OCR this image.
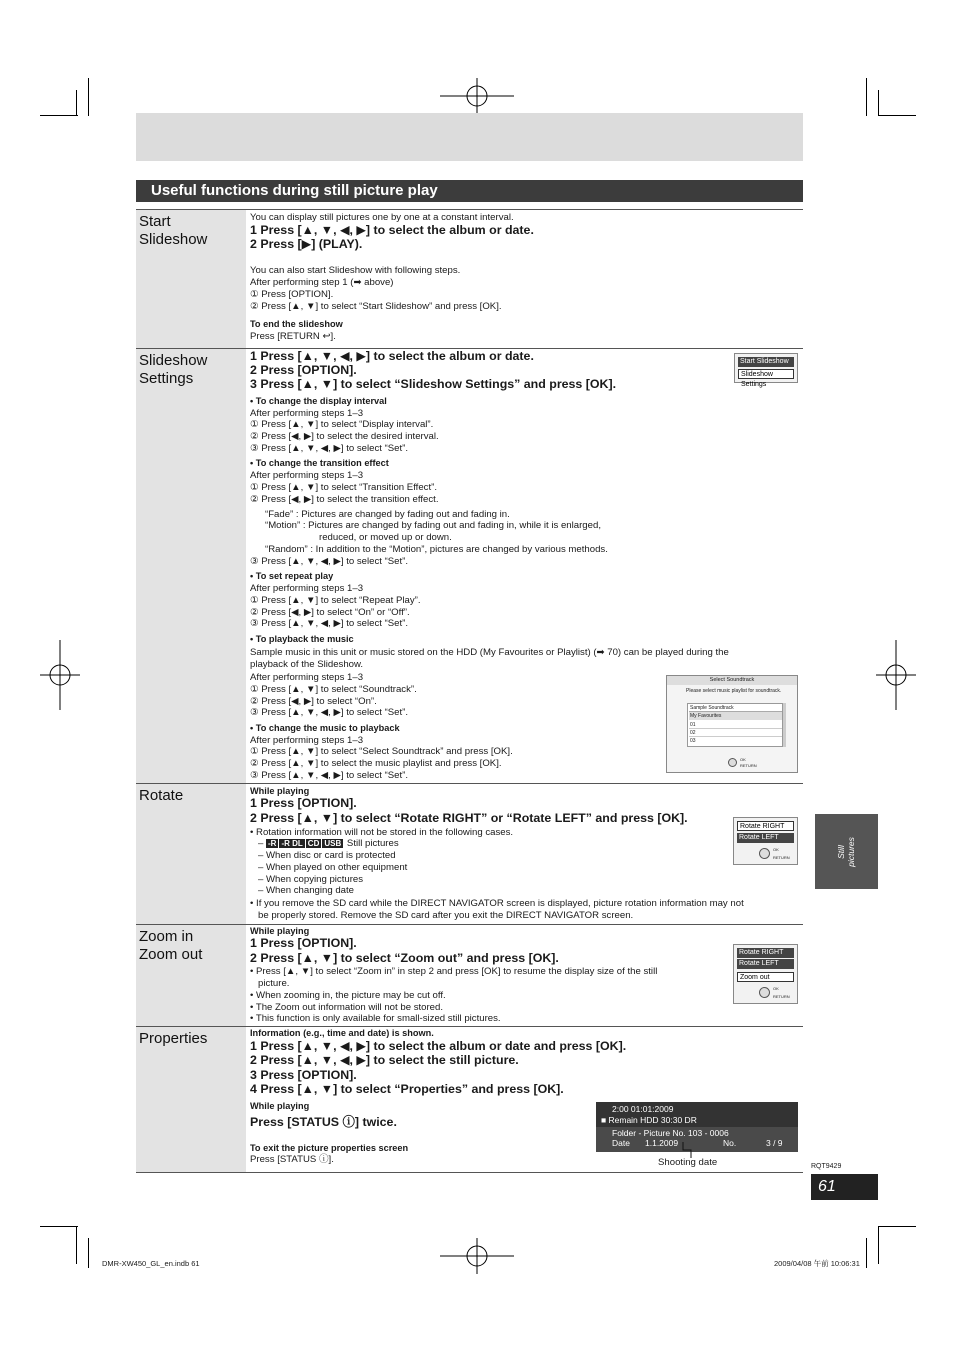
Useful functions during still picture play
Start
Slideshow
You can display still pictures one by one at a constant interval.
1 Press [▲, ▼, ◀, ▶] to select the album or date.
2 Press [▶] (PLAY).
You can also start Slideshow with following steps.
After performing step 1 (➡ above)
① Press [OPTION].
② Press [▲, ▼] to select “Start Slideshow” and press [OK].
To end the slideshow
Press [RETURN ↩].
Slideshow
Settings
1 Press [▲, ▼, ◀, ▶] to select the album or date.
2 Press [OPTION].
3 Press [▲, ▼] to select “Slideshow Settings” and press [OK].
• To change the display interval
After performing steps 1–3
① Press [▲, ▼] to select “Display interval”.
② Press [◀, ▶] to select the desired interval.
③ Press [▲, ▼, ◀, ▶] to select “Set”.
• To change the transition effect
After performing steps 1–3
① Press [▲, ▼] to select “Transition Effect”.
② Press [◀, ▶] to select the transition effect.
“Fade” : Pictures are changed by fading out and fading in.
“Motion” : Pictures are changed by fading out and fading in, while it is enlarged,
reduced, or moved up or down.
“Random” : In addition to the “Motion”, pictures are changed by various methods.
③ Press [▲, ▼, ◀, ▶] to select “Set”.
• To set repeat play
After performing steps 1–3
① Press [▲, ▼] to select “Repeat Play”.
② Press [◀, ▶] to select “On” or “Off”.
③ Press [▲, ▼, ◀, ▶] to select “Set”.
• To playback the music
Sample music in this unit or music stored on the HDD (My Favourites or Playlist) (➡ 70) can be played during the
playback of the Slideshow.
After performing steps 1–3
① Press [▲, ▼] to select “Soundtrack”.
② Press [◀, ▶] to select “On”.
③ Press [▲, ▼, ◀, ▶] to select “Set”.
• To change the music to playback
After performing steps 1–3
① Press [▲, ▼] to select “Select Soundtrack” and press [OK].
② Press [▲, ▼] to select the music playlist and press [OK].
③ Press [▲, ▼, ◀, ▶] to select “Set”.
Start Slideshow
Slideshow Settings
Select Soundtrack
Please select music playlist for soundtrack.
Sample Soundtrack
My Favourites
01
02
03
OK
RETURN
Rotate	While playing
1 Press [OPTION].
2 Press [▲, ▼] to select “Rotate RIGHT” or “Rotate LEFT” and press [OK].
• Rotation information will not be stored in the following cases.
– -R -R DL CD USB Still pictures
– When disc or card is protected
– When played on other equipment
– When copying pictures
– When changing date
• If you remove the SD card while the DIRECT NAVIGATOR screen is displayed, picture rotation information may not
be properly stored. Remove the SD card after you exit the DIRECT NAVIGATOR screen.
Rotate RIGHT
Rotate LEFT
OK
RETURN
Zoom in
Zoom out
While playing
1 Press [OPTION].
2 Press [▲, ▼] to select “Zoom out” and press [OK].
• Press [▲, ▼] to select “Zoom in” in step 2 and press [OK] to resume the display size of the still
picture.
• When zooming in, the picture may be cut off.
• The Zoom out information will not be stored.
• This function is only available for small-sized still pictures.
Rotate RIGHT
Rotate LEFT
Zoom out
OK
RETURN
Properties	Information (e.g., time and date) is shown.
1 Press [▲, ▼, ◀, ▶] to select the album or date and press [OK].
2 Press [▲, ▼, ◀, ▶] to select the still picture.
3 Press [OPTION].
4 Press [▲, ▼] to select “Properties” and press [OK].
While playing
Press [STATUS ⓘ] twice.
To exit the picture properties screen
Press [STATUS ⓘ].
2:00 01:01:2009
■ Remain HDD 30:30 DR
Folder - Picture No. 103 - 0006
Date 1.1.2009	No.	3 / 9
Shooting date
Still pictures
RQT9429
61
DMR-XW450_GL_en.indb 61	2009/04/08 午前 10:06:31
